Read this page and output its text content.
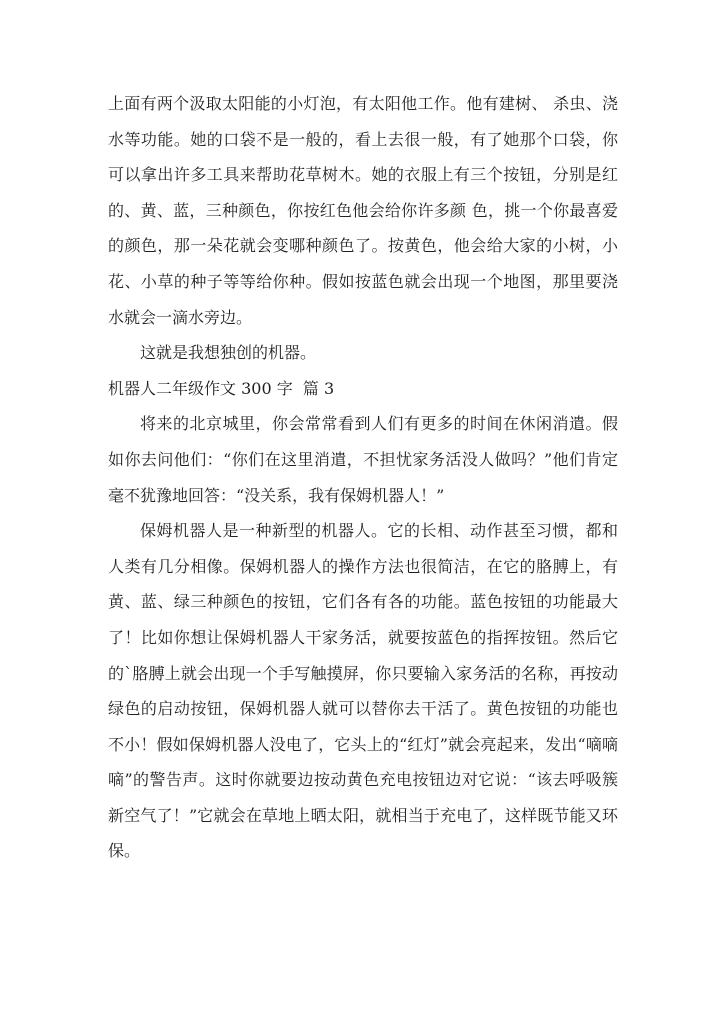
上面有两个汲取太阳能的小灯泡，有太阳他工作。他有建树、 杀虫、浇水等功能。她的口袋不是一般的，看上去很一般，有了她那个口袋，你可以拿出许多工具来帮助花草树木。她的衣服上有三个按钮，分别是红的、黄、蓝，三种颜色，你按红色他会给你许多颜 色，挑一个你最喜爱的颜色，那一朵花就会变哪种颜色了。按黄色，他会给大家的小树，小花、小草的种子等等给你种。假如按蓝色就会出现一个地图，那里要浇水就会一滴水旁边。

这就是我想独创的机器。

机器人二年级作文 300 字  篇 3

将来的北京城里，你会常常看到人们有更多的时间在休闲消遣。假如你去问他们：“你们在这里消遣，不担忧家务活没人做吗？”他们肯定毫不犹豫地回答：“没关系，我有保姆机器人！”

保姆机器人是一种新型的机器人。它的长相、动作甚至习惯，都和人类有几分相像。保姆机器人的操作方法也很简洁，在它的胳膊上，有黄、蓝、绿三种颜色的按钮，它们各有各的功能。蓝色按钮的功能最大了！比如你想让保姆机器人干家务活，就要按蓝色的指挥按钮。然后它的`胳膊上就会出现一个手写触摸屏，你只要输入家务活的名称，再按动绿色的启动按钮，保姆机器人就可以替你去干活了。黄色按钮的功能也不小！假如保姆机器人没电了，它头上的“红灯”就会亮起来，发出“嘀嘀嘀”的警告声。这时你就要边按动黄色充电按钮边对它说：“该去呼吸簇新空气了！”它就会在草地上晒太阳，就相当于充电了，这样既节能又环保。
